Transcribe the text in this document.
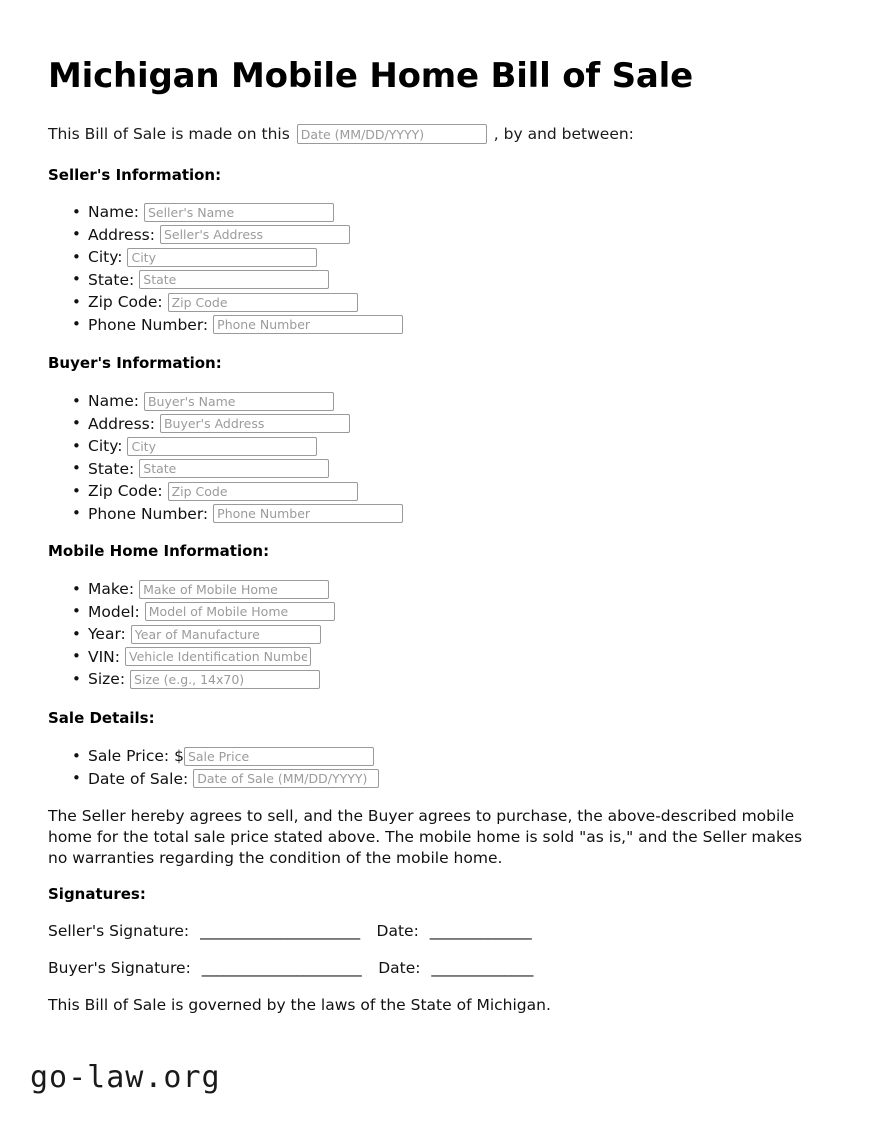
Michigan Mobile Home Bill of Sale
This Bill of Sale is made on this
Date (MM/DD/YYYY)	, by and between:
Seller's Information:
• Name:
Seller's Name
• Address:
Seller's Address
• City:
City
• State:
State
• Zip Code:
Zip Code
• Phone Number:
Phone Number
Buyer's Information:
• Name:
Buyer's Name
• Address:
Buyer's Address
• City:
City
• State:
State
• Zip Code:
Zip Code
• Phone Number:
Phone Number
Mobile Home Information:
• Make:
Make of Mobile Home
• Model:
Model of Mobile Home
• Year:
Year of Manufacture
• VIN:
Vehicle Identification Number
• Size:
Size (e.g., 14x70)
Sale Details:
• Sale Price: $
Sale Price
• Date of Sale:
Date of Sale (MM/DD/YYYY)
The Seller hereby agrees to sell, and the Buyer agrees to purchase, the above-described mobile home for the total sale price stated above. The mobile home is sold "as is," and the Seller makes no warranties regarding the condition of the mobile home.
Signatures:
Seller's Signature: ______________________ Date: ______________
Buyer's Signature: ______________________ Date: ______________
This Bill of Sale is governed by the laws of the State of Michigan.
go-law.org
